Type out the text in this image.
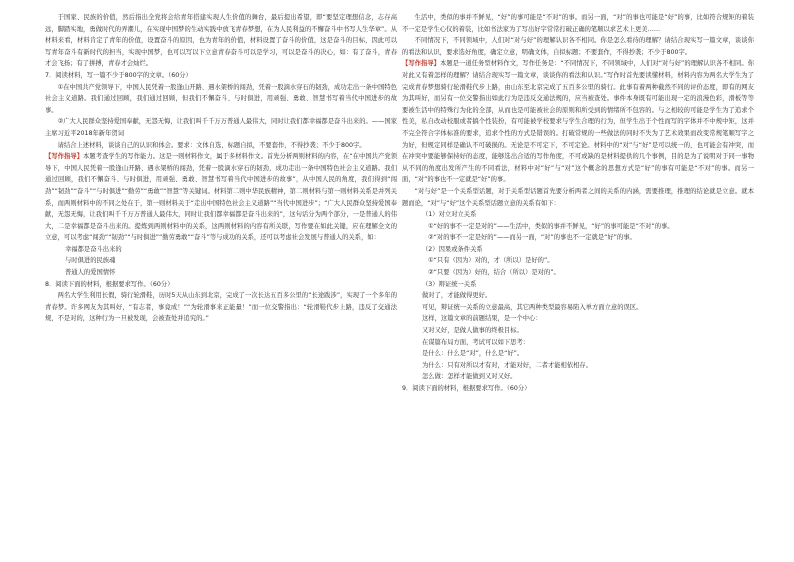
于国家、民族的价值，然后指出全党将会给青年搭建实现人生价值的舞台，最后提出希望，即“要坚定理想信念，志存高远，脚踏实地，勇做时代的弄潮儿，在实现中国梦的生动实践中放飞青春梦想，在为人民利益的不懈奋斗中书写人生华章”。从材料来看，材料肯定了青年的价值，设置奋斗的原因，也为青年的价值，材料设置了奋斗的价值，这是奋斗的目标，因此可以写青年奋斗有新时代的担当，实现中国梦，也可以写以下立意青春奋斗可以是学习，可以是奋斗的决心，如：有了奋斗，青春才会飞扬；有了拼搏，青春才会灿烂。

7．阅读材料，写一篇不少于800字的文章。（60分）

①在中国共产党领导下，中国人民凭着一股逢山开路、遇水架桥的闯劲，凭着一股滴水穿石的韧劲，成功走出一条中国特色社会主义道路。我们通过回顾，我们通过回顾，但我们不懈奋斗、与时俱进，用顽强、勇敢、智慧书写着当代中国进步的故事。

②广大人民群众坚持爱国奉献，无怨无悔，让我们叫千千万万普通人最伟大，同时让我们都幸福都是奋斗出来的。——国家主席习近平2018年新年贺词

请结合上述材料，谈谈自己的认识和体会。要求：文体自选，标题自拟，不要套作，不得抄袭；不少于800字。

【写作指导】本题考查学生的写作能力。这是一则材料作文，属于多材料作文。首先分析两则材料的内容，在“在中国共产党领导下，中国人民凭着一股逢山开路、遇水架桥的闯劲，凭着一股滴水穿石的韧劲，成功走出一条中国特色社会主义道路。我们通过回顾，我们不懈奋斗、与时俱进，用顽强、勇敢、智慧书写着当代中国进步的故事”，从中国人民的角度，我们得到“闯劲”“韧劲”“奋斗”“与时俱进”“勤劳”“勇敢”“智慧”等关键词。材料第二则中华民族精神，第二则材料与第一则材料关系是并列关系，而两则材料中的不同之处在于，第一则材料关于“走出中国特色社会主义道路”“当代中国进步”；“广大人民群众坚持爱国奉献，无怨无悔，让我们叫千千万万普通人最伟大，同时让我们都幸福都是奋斗出来的”，这句话分为两个部分，一是普通人的伟大，二是幸福都是奋斗出来的。提炼到两则材料中的关系，这两则材料的内容有所关联，写作要在如此关键，应在理解全文的立意，可以考虑“闯劲”“韧劲”“与时俱进”“勤劳勇敢”“奋斗”等与成功的关系，还可以考虑社会发展与普通人的关系，如：

幸福都是奋斗出来的

与时俱进的民族魂

普通人的爱国情怀

8．阅读下面的材料，根据要求写作。（60分）

两名大学生利用长假，骑行轮滑鞋，历时5天从山东到北京，完成了一次长达五百多公里的“长途跋涉”，实现了一个多年的青春梦。许多网友为其叫好，“有志者，事竟成！”“为轮滑事来正能量！”而一位交警指出：“轮滑鞋代步上路，违反了交通法规，不是对的，这种行为一旦被发现，会被查处并追究的。”

生活中，类似的事并不鲜见，“好”的事可能是“不对”的事。而另一面，“对”的事也可能是“好”的事，比如符合规矩的着装不一定是学生心仪的着装，比如书法家为了写出好字常常打破正确的笔顺以求艺术上更美……

不同情况下，不同领域中，人们对“对与好”的理解认识各不相同。你是怎么看待的理解？请结合现实写一篇文章，谈谈你的看法和认识，要求选好角度，确定立意，明确文体，自拟标题；不要套作，不得抄袭；不少于800字。

【写作指导】本题是一道任务型材料作文，写作任务是：“不同情况下，不同领域中，人们对“对与好”的理解认识各不相同。你对此又有着怎样的理解？请结合现实写一篇文章，谈谈你的看法和认识。”写作时首先要读懂材料，材料内容为两名大学生为了完成青春梦想骑行轮滑鞋代步上路，由山东至北京完成了五百多公里的骑行。此事有着两种截然不同的评价态度，即有的网友为其叫好，而另有一位交警指出如此行为是违反交通法规的，应当被查处。事件本身既有可能出现一定的浪漫色彩，滑板等等要被生活中的特殊行为化的全部，从而也是可能被社会的原则和所受到的情绪所不包容的。与之相较的可能是学生为了追求个性美，私自改动校服或者搞个性装扮，有可能被学校要求与学生合理的行为，但学生出于个性而写的字体并不中规中矩，这并不完全符合字体标准的要求，追求个性的方式是错误的。打破常规的一些做法的同时不失为了艺术效果而改变常规笔顺写字之为好，但规定同样是确认不可破损的。无论是不可定下，不可定论。材料中的“对”与“好”是可以统一的，也可能会有冲突，而在冲突中要能够保持好的态度，能够选出合适的写作角度，不可或缺的是材料提供的几个事例，目的是为了说明对于同一事物从不同的角度出发所产生的不同看法，材料中对“好”与“对”这个概念的思想方式是“好”的事有可能是“不对”的事。而另一面，“对”的事也不一定就是“好”的事。

“对与好”是一个关系型话题，对于关系型话题首先要分析两者之间的关系的内涵，需要推理，推理的结论就是立意。就本题而论，“对”与“好”这个关系型话题立意的关系有如下：

（1）对立对立关系

①“好的事不一定是对的”——生活中，类似的事并不鲜见，“好”的事可能是“不对”的事。

②“对的事不一定是好的”——而另一面，“对”的事也不一定就是“好”的事。

（2）因果或条件关系

①“只有（因为）对的，才（所以）是好的”。

②“只要（因为）好的，结合（所以）是对的”。

（3）辩证统一关系

做对了，才能做得更好。

可见，辩证统一关系的立意最高，其它两种类型最容易陷入单方面立意的误区。

这样，这篇文章的前题结果，是一个中心：

又对又好，是做人做事的终极目标。

在谋篇布局方面，考试可以如下思考：

是什么：什么是“对”，什么是“好”。

为什么：只有对所以才有对，才能对好，二者才能相依相存。

怎么做：怎样才能做到又对又好。

9．阅读下面的材料，根据要求写作。（60分）
